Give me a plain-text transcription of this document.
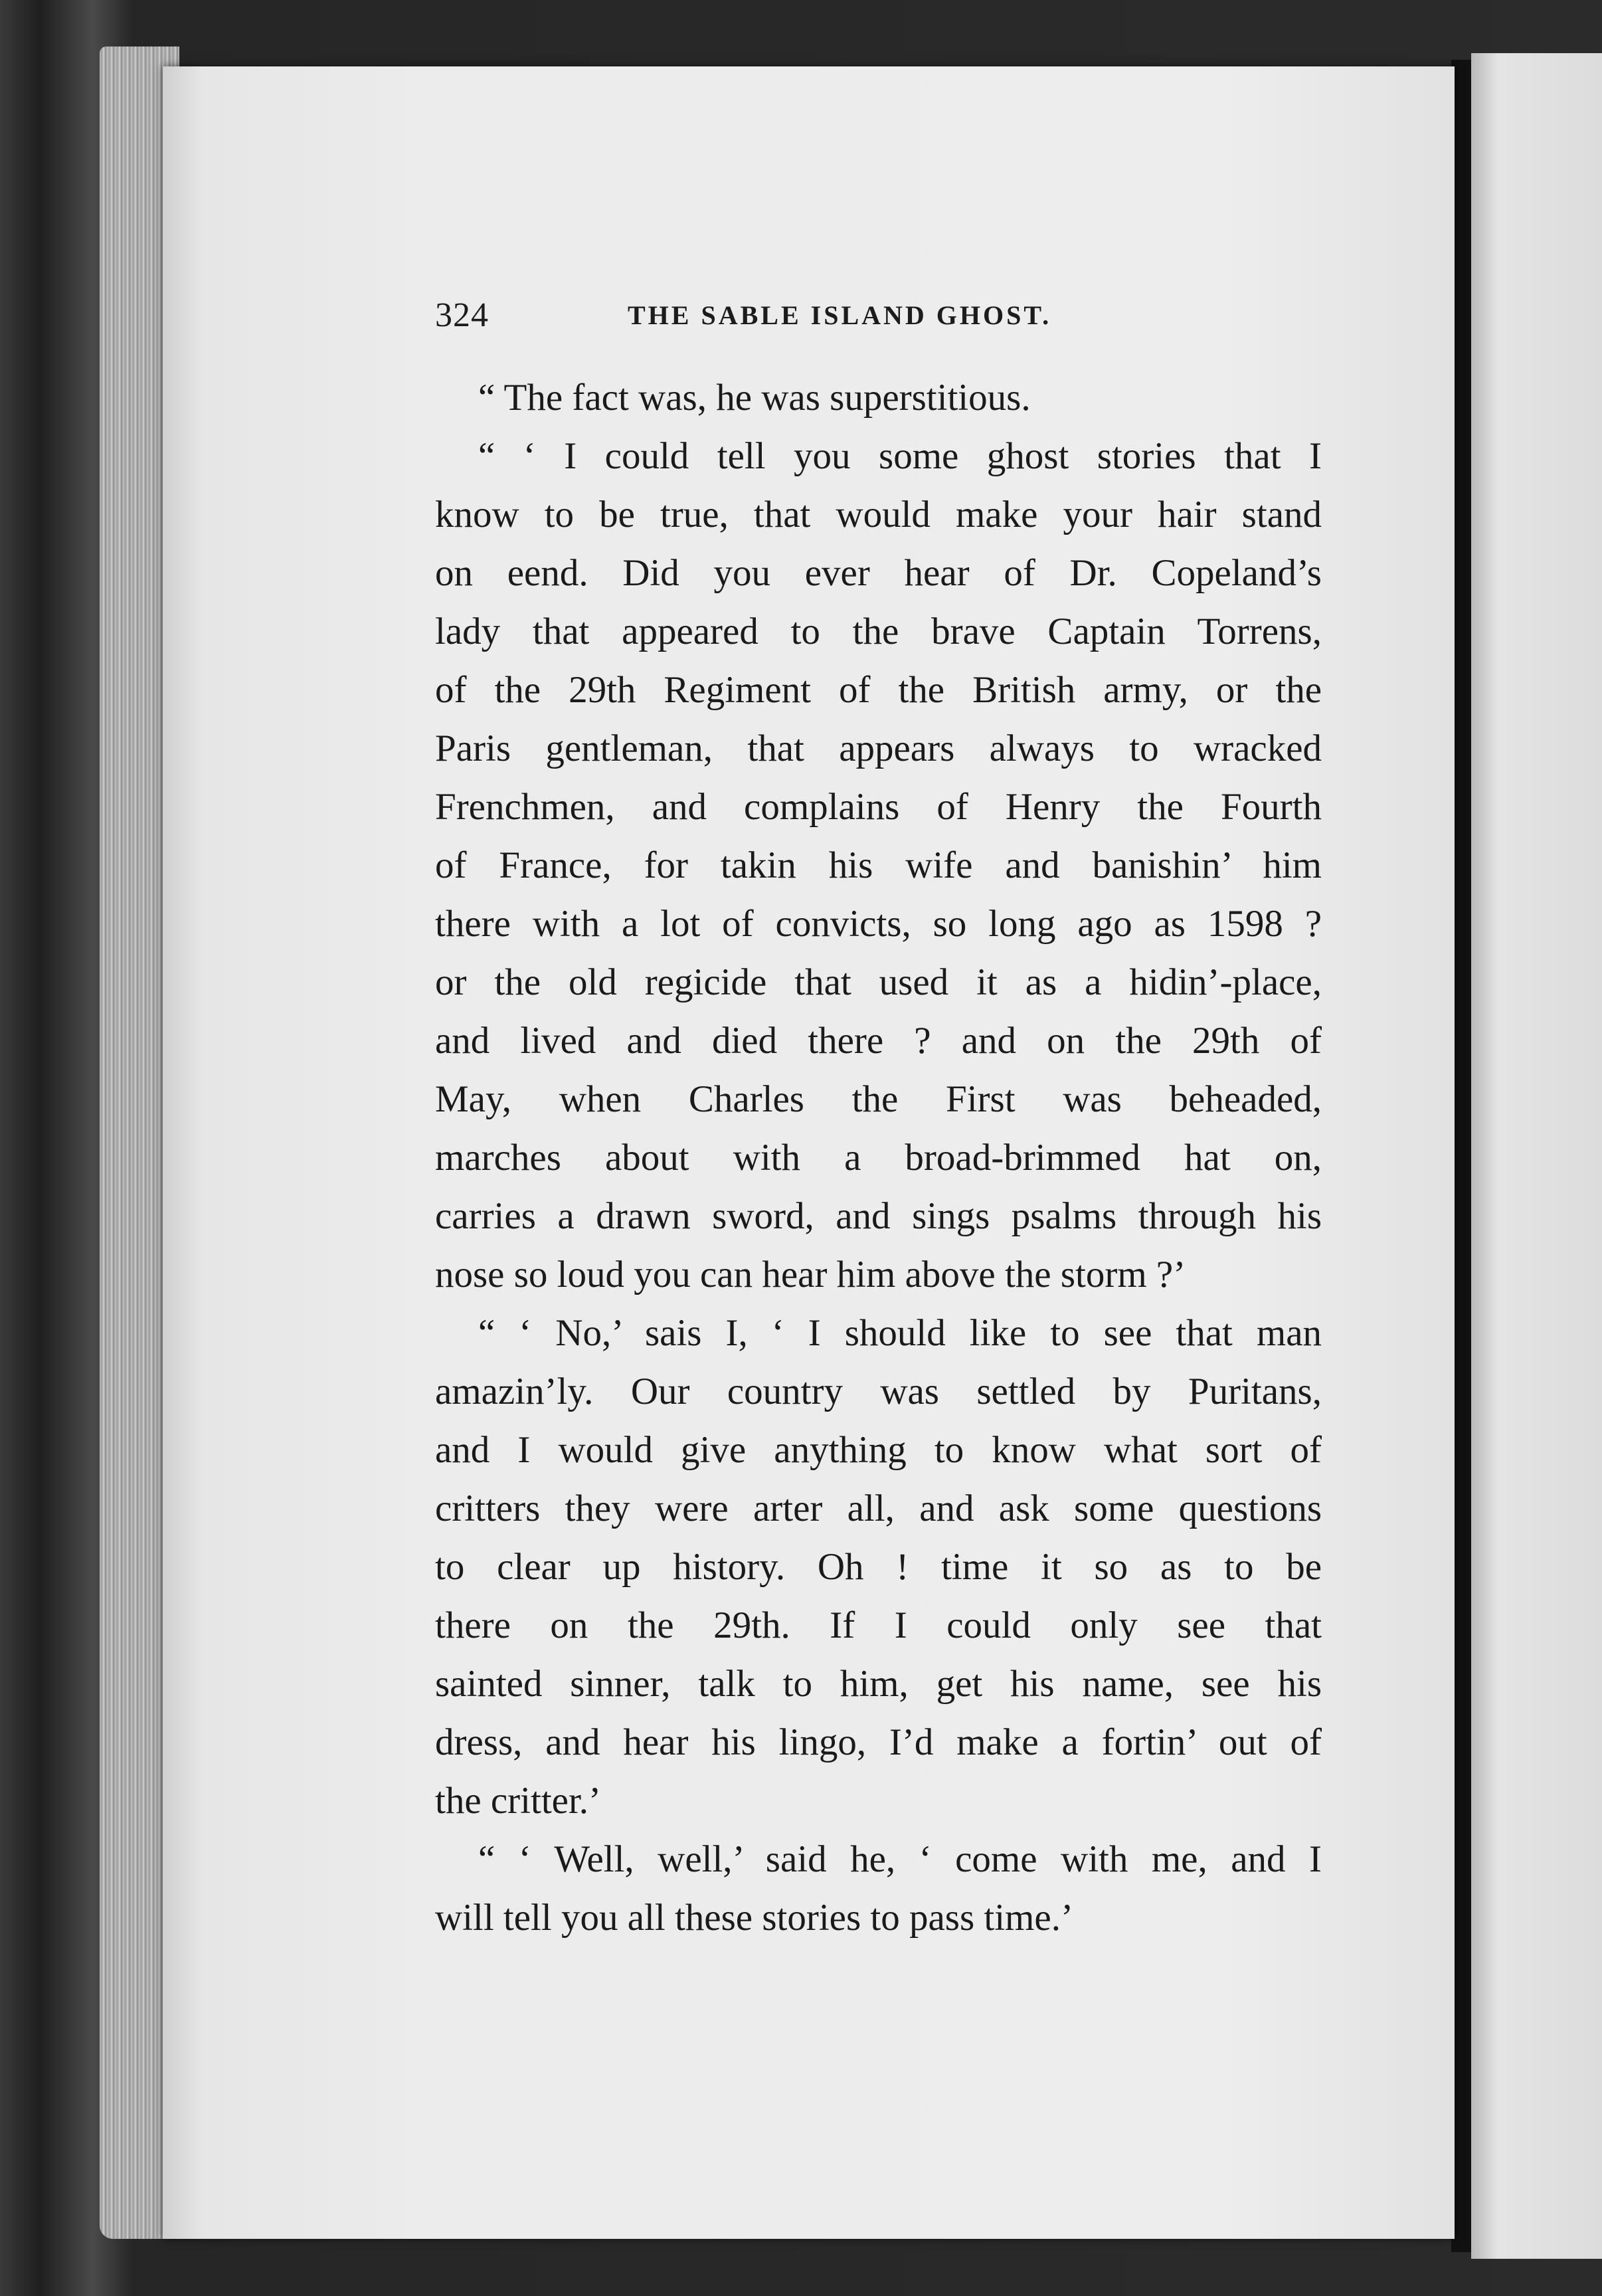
324	THE SABLE ISLAND GHOST.
“ The fact was, he was superstitious.
“ ‘ I could tell you some ghost stories that I
know to be true, that would make your hair stand
on eend. Did you ever hear of Dr. Copeland’s
lady that appeared to the brave Captain Torrens,
of the 29th Regiment of the British army, or the
Paris gentleman, that appears always to wracked
Frenchmen, and complains of Henry the Fourth
of France, for takin his wife and banishin’ him
there with a lot of convicts, so long ago as 1598 ?
or the old regicide that used it as a hidin’-place,
and lived and died there ? and on the 29th of
May, when Charles the First was beheaded,
marches about with a broad-brimmed hat on,
carries a drawn sword, and sings psalms through his
nose so loud you can hear him above the storm ?’
“ ‘ No,’ sais I, ‘ I should like to see that man
amazin’ly. Our country was settled by Puritans,
and I would give anything to know what sort of
critters they were arter all, and ask some questions
to clear up history. Oh ! time it so as to be
there on the 29th. If I could only see that
sainted sinner, talk to him, get his name, see his
dress, and hear his lingo, I’d make a fortin’ out of
the critter.’
“ ‘ Well, well,’ said he, ‘ come with me, and I
will tell you all these stories to pass time.’
